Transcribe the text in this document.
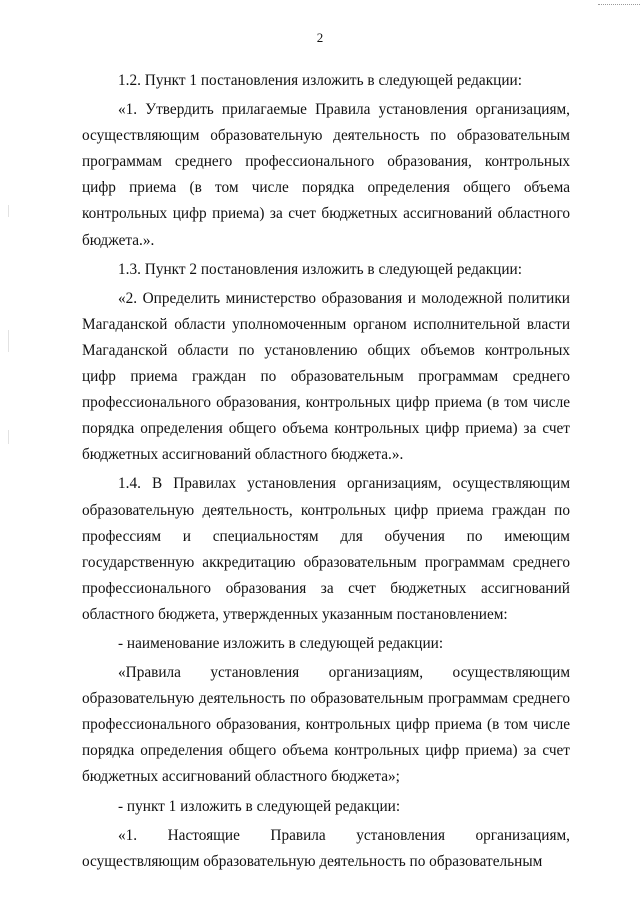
2

1.2. Пункт 1 постановления изложить в следующей редакции:

«1. Утвердить прилагаемые Правила установления организациям, осуществляющим образовательную деятельность по образовательным программам среднего профессионального образования, контрольных цифр приема (в том числе порядка определения общего объема контрольных цифр приема) за счет бюджетных ассигнований областного бюджета.».

1.3. Пункт 2 постановления изложить в следующей редакции:

«2. Определить министерство образования и молодежной политики Магаданской области уполномоченным органом исполнительной власти Магаданской области по установлению общих объемов контрольных цифр приема граждан по образовательным программам среднего профессионального образования, контрольных цифр приема (в том числе порядка определения общего объема контрольных цифр приема) за счет бюджетных ассигнований областного бюджета.».

1.4. В Правилах установления организациям, осуществляющим образовательную деятельность, контрольных цифр приема граждан по профессиям и специальностям для обучения по имеющим государственную аккредитацию образовательным программам среднего профессионального образования за счет бюджетных ассигнований областного бюджета, утвержденных указанным постановлением:

- наименование изложить в следующей редакции:

«Правила установления организациям, осуществляющим образовательную деятельность по образовательным программам среднего профессионального образования, контрольных цифр приема (в том числе порядка определения общего объема контрольных цифр приема) за счет бюджетных ассигнований областного бюджета»;

- пункт 1 изложить в следующей редакции:

«1. Настоящие Правила установления организациям, осуществляющим образовательную деятельность по образовательным
